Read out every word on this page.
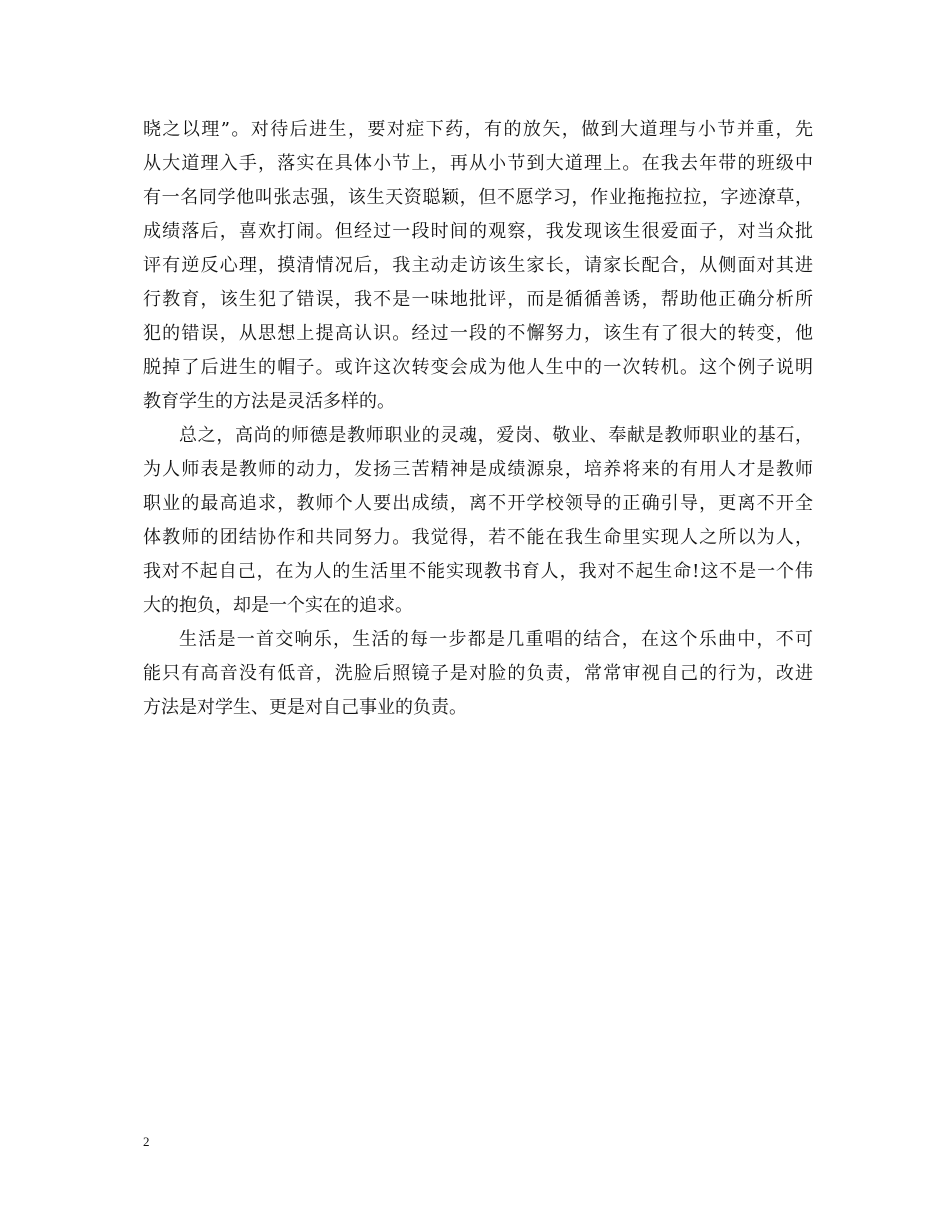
晓之以理”。对待后进生，要对症下药，有的放矢，做到大道理与小节并重，先
从大道理入手，落实在具体小节上，再从小节到大道理上。在我去年带的班级中
有一名同学他叫张志强，该生天资聪颖，但不愿学习，作业拖拖拉拉，字迹潦草，
成绩落后，喜欢打闹。但经过一段时间的观察，我发现该生很爱面子，对当众批
评有逆反心理，摸清情况后，我主动走访该生家长，请家长配合，从侧面对其进
行教育，该生犯了错误，我不是一味地批评，而是循循善诱，帮助他正确分析所
犯的错误，从思想上提高认识。经过一段的不懈努力，该生有了很大的转变，他
脱掉了后进生的帽子。或许这次转变会成为他人生中的一次转机。这个例子说明
教育学生的方法是灵活多样的。
总之，高尚的师德是教师职业的灵魂，爱岗、敬业、奉献是教师职业的基石，
为人师表是教师的动力，发扬三苦精神是成绩源泉，培养将来的有用人才是教师
职业的最高追求，教师个人要出成绩，离不开学校领导的正确引导，更离不开全
体教师的团结协作和共同努力。我觉得，若不能在我生命里实现人之所以为人，
我对不起自己，在为人的生活里不能实现教书育人，我对不起生命!这不是一个伟
大的抱负，却是一个实在的追求。
生活是一首交响乐，生活的每一步都是几重唱的结合，在这个乐曲中，不可
能只有高音没有低音，洗脸后照镜子是对脸的负责，常常审视自己的行为，改进
方法是对学生、更是对自己事业的负责。
2
